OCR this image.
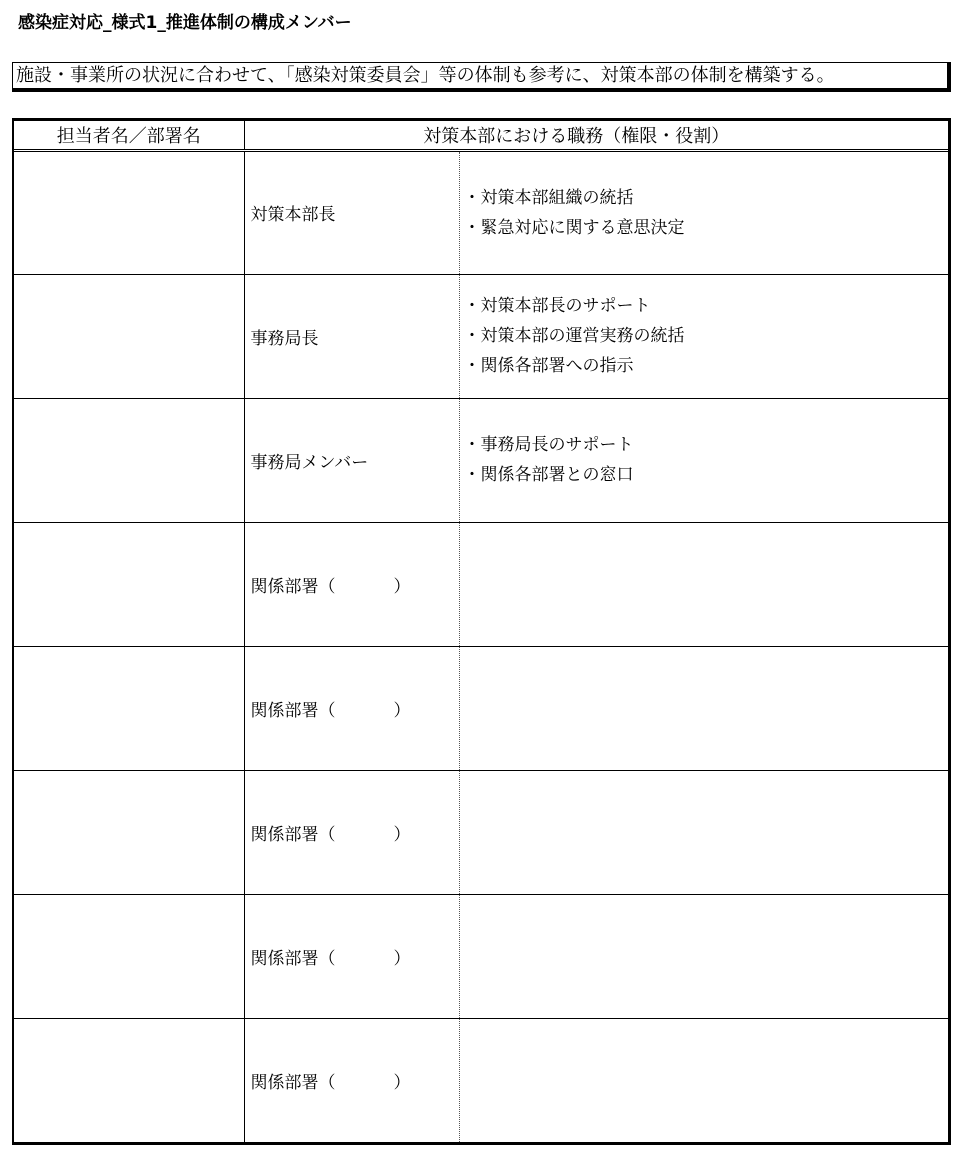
感染症対応_様式1_推進体制の構成メンバー
施設・事業所の状況に合わせて、「感染対策委員会」等の体制も参考に、対策本部の体制を構築する。
担当者名／部署名	対策本部における職務（権限・役割）	
	対策本部長	・対策本部組織の統括
・緊急対応に関する意思決定

	事務局長	・対策本部長のサポート
・対策本部の運営実務の統括
・関係各部署への指示

	事務局メンバー	・事務局長のサポート
・関係各部署との窓口

	関係部署（ ）	
	関係部署（ ）	
	関係部署（ ）	
	関係部署（ ）	
	関係部署（ ）	
